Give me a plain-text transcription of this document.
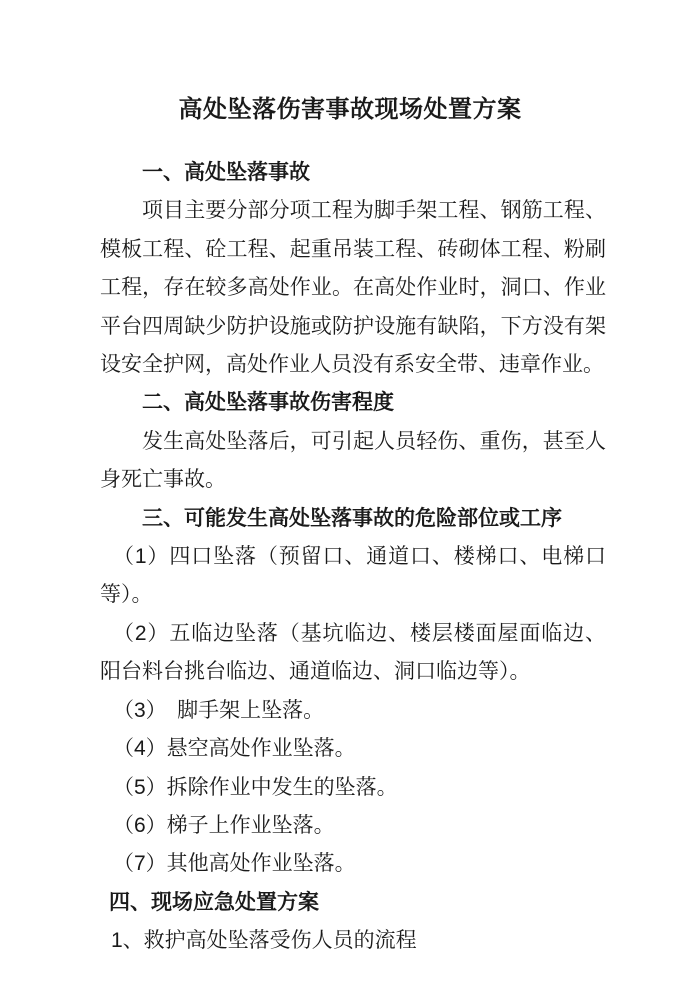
高处坠落伤害事故现场处置方案
一、高处坠落事故
项目主要分部分项工程为脚手架工程、钢筋工程、模板工程、砼工程、起重吊装工程、砖砌体工程、粉刷工程，存在较多高处作业。在高处作业时，洞口、作业平台四周缺少防护设施或防护设施有缺陷，下方没有架设安全护网，高处作业人员没有系安全带、违章作业。
二、高处坠落事故伤害程度
发生高处坠落后，可引起人员轻伤、重伤，甚至人身死亡事故。
三、可能发生高处坠落事故的危险部位或工序
（1）四口坠落（预留口、通道口、楼梯口、电梯口等）。
（2）五临边坠落（基坑临边、楼层楼面屋面临边、阳台料台挑台临边、通道临边、洞口临边等）。
（3）　脚手架上坠落。
（4）悬空高处作业坠落。
（5）拆除作业中发生的坠落。
（6）梯子上作业坠落。
（7）其他高处作业坠落。
四、现场应急处置方案
1、救护高处坠落受伤人员的流程
